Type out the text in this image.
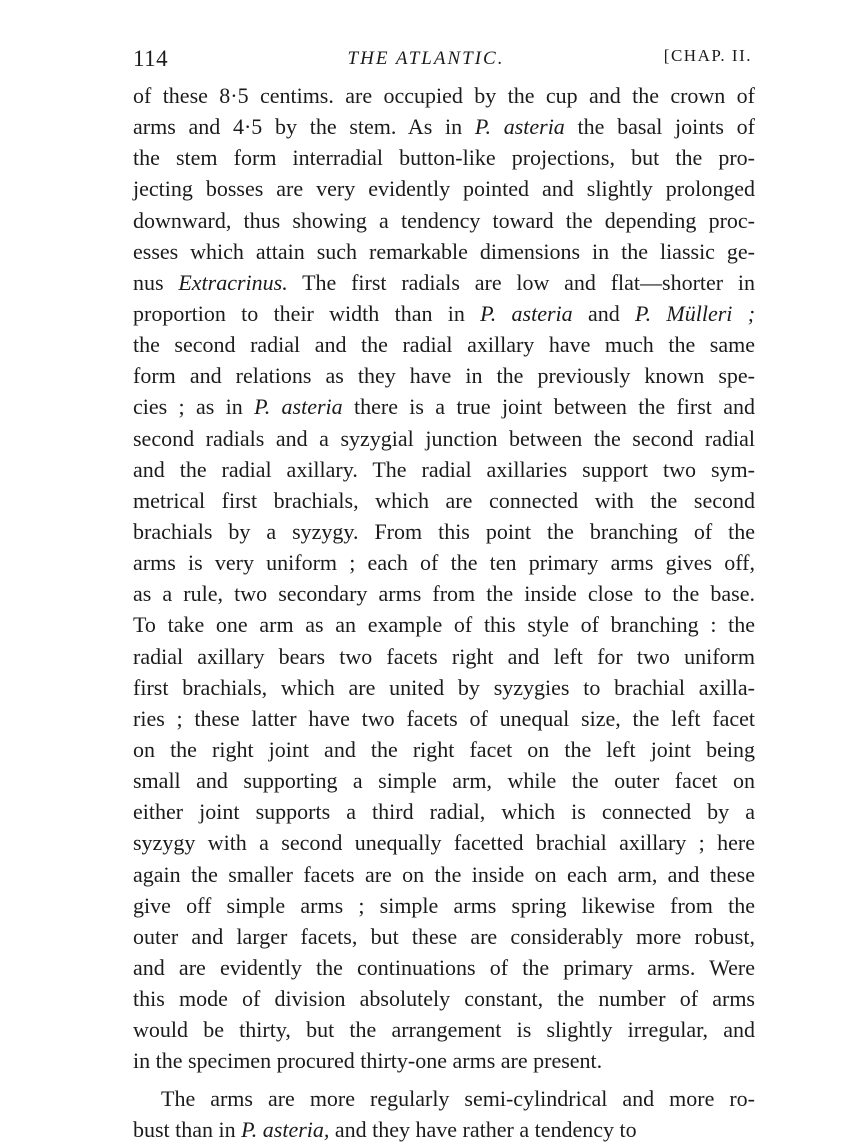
114	THE ATLANTIC.	[CHAP. II.
of these 8·5 centims. are occupied by the cup and the crown of
arms and 4·5 by the stem. As in P. asteria the basal joints of
the stem form interradial button-like projections, but the pro-
jecting bosses are very evidently pointed and slightly prolonged
downward, thus showing a tendency toward the depending proc-
esses which attain such remarkable dimensions in the liassic ge-
nus Extracrinus. The first radials are low and flat—shorter in
proportion to their width than in P. asteria and P. Mülleri ;
the second radial and the radial axillary have much the same
form and relations as they have in the previously known spe-
cies ; as in P. asteria there is a true joint between the first and
second radials and a syzygial junction between the second radial
and the radial axillary. The radial axillaries support two sym-
metrical first brachials, which are connected with the second
brachials by a syzygy. From this point the branching of the
arms is very uniform ; each of the ten primary arms gives off,
as a rule, two secondary arms from the inside close to the base.
To take one arm as an example of this style of branching : the
radial axillary bears two facets right and left for two uniform
first brachials, which are united by syzygies to brachial axilla-
ries ; these latter have two facets of unequal size, the left facet
on the right joint and the right facet on the left joint being
small and supporting a simple arm, while the outer facet on
either joint supports a third radial, which is connected by a
syzygy with a second unequally facetted brachial axillary ; here
again the smaller facets are on the inside on each arm, and these
give off simple arms ; simple arms spring likewise from the
outer and larger facets, but these are considerably more robust,
and are evidently the continuations of the primary arms. Were
this mode of division absolutely constant, the number of arms
would be thirty, but the arrangement is slightly irregular, and
in the specimen procured thirty-one arms are present.
The arms are more regularly semi-cylindrical and more ro-
bust than in P. asteria, and they have rather a tendency to
